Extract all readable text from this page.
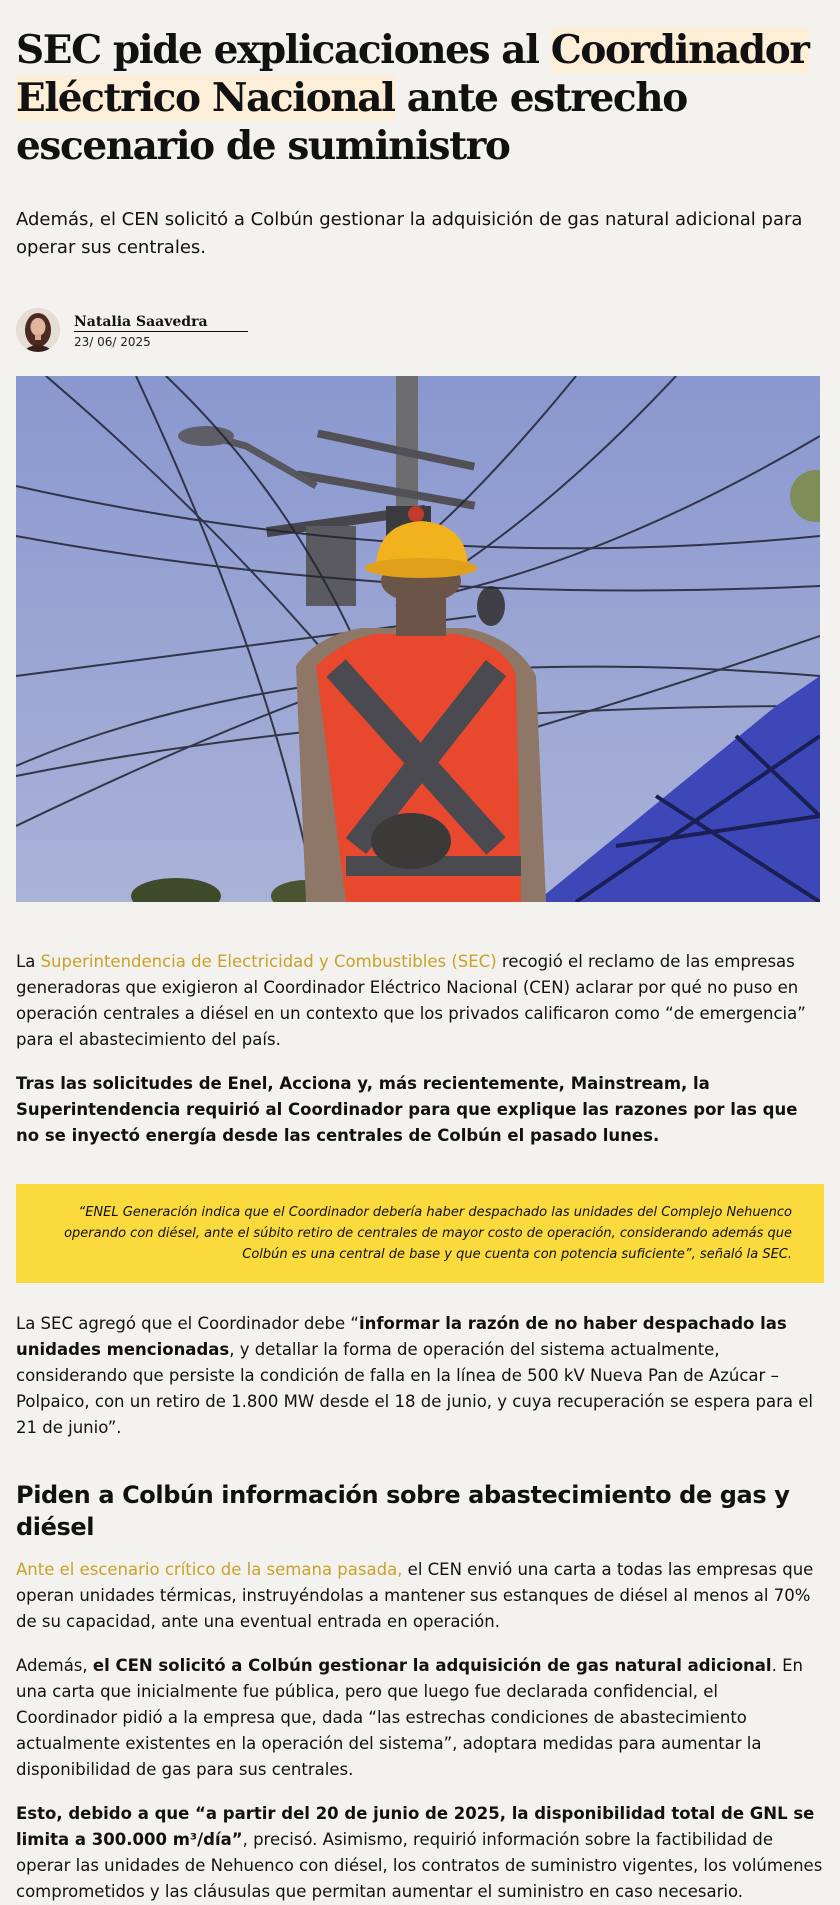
SEC pide explicaciones al Coordinador Eléctrico Nacional ante estrecho escenario de suministro

Además, el CEN solicitó a Colbún gestionar la adquisición de gas natural adicional para operar sus centrales.

Natalia Saavedra
23/ 06/ 2025

La Superintendencia de Electricidad y Combustibles (SEC) recogió el reclamo de las empresas generadoras que exigieron al Coordinador Eléctrico Nacional (CEN) aclarar por qué no puso en operación centrales a diésel en un contexto que los privados calificaron como “de emergencia” para el abastecimiento del país.

Tras las solicitudes de Enel, Acciona y, más recientemente, Mainstream, la Superintendencia requirió al Coordinador para que explique las razones por las que no se inyectó energía desde las centrales de Colbún el pasado lunes.

“ENEL Generación indica que el Coordinador debería haber despachado las unidades del Complejo Nehuenco operando con diésel, ante el súbito retiro de centrales de mayor costo de operación, considerando además que Colbún es una central de base y que cuenta con potencia suficiente”, señaló la SEC.

La SEC agregó que el Coordinador debe “informar la razón de no haber despachado las unidades mencionadas, y detallar la forma de operación del sistema actualmente, considerando que persiste la condición de falla en la línea de 500 kV Nueva Pan de Azúcar – Polpaico, con un retiro de 1.800 MW desde el 18 de junio, y cuya recuperación se espera para el 21 de junio”.

Piden a Colbún información sobre abastecimiento de gas y diésel

Ante el escenario crítico de la semana pasada, el CEN envió una carta a todas las empresas que operan unidades térmicas, instruyéndolas a mantener sus estanques de diésel al menos al 70% de su capacidad, ante una eventual entrada en operación.

Además, el CEN solicitó a Colbún gestionar la adquisición de gas natural adicional. En una carta que inicialmente fue pública, pero que luego fue declarada confidencial, el Coordinador pidió a la empresa que, dada “las estrechas condiciones de abastecimiento actualmente existentes en la operación del sistema”, adoptara medidas para aumentar la disponibilidad de gas para sus centrales.

Esto, debido a que “a partir del 20 de junio de 2025, la disponibilidad total de GNL se limita a 300.000 m³/día”, precisó. Asimismo, requirió información sobre la factibilidad de operar las unidades de Nehuenco con diésel, los contratos de suministro vigentes, los volúmenes comprometidos y las cláusulas que permitan aumentar el suministro en caso necesario.
